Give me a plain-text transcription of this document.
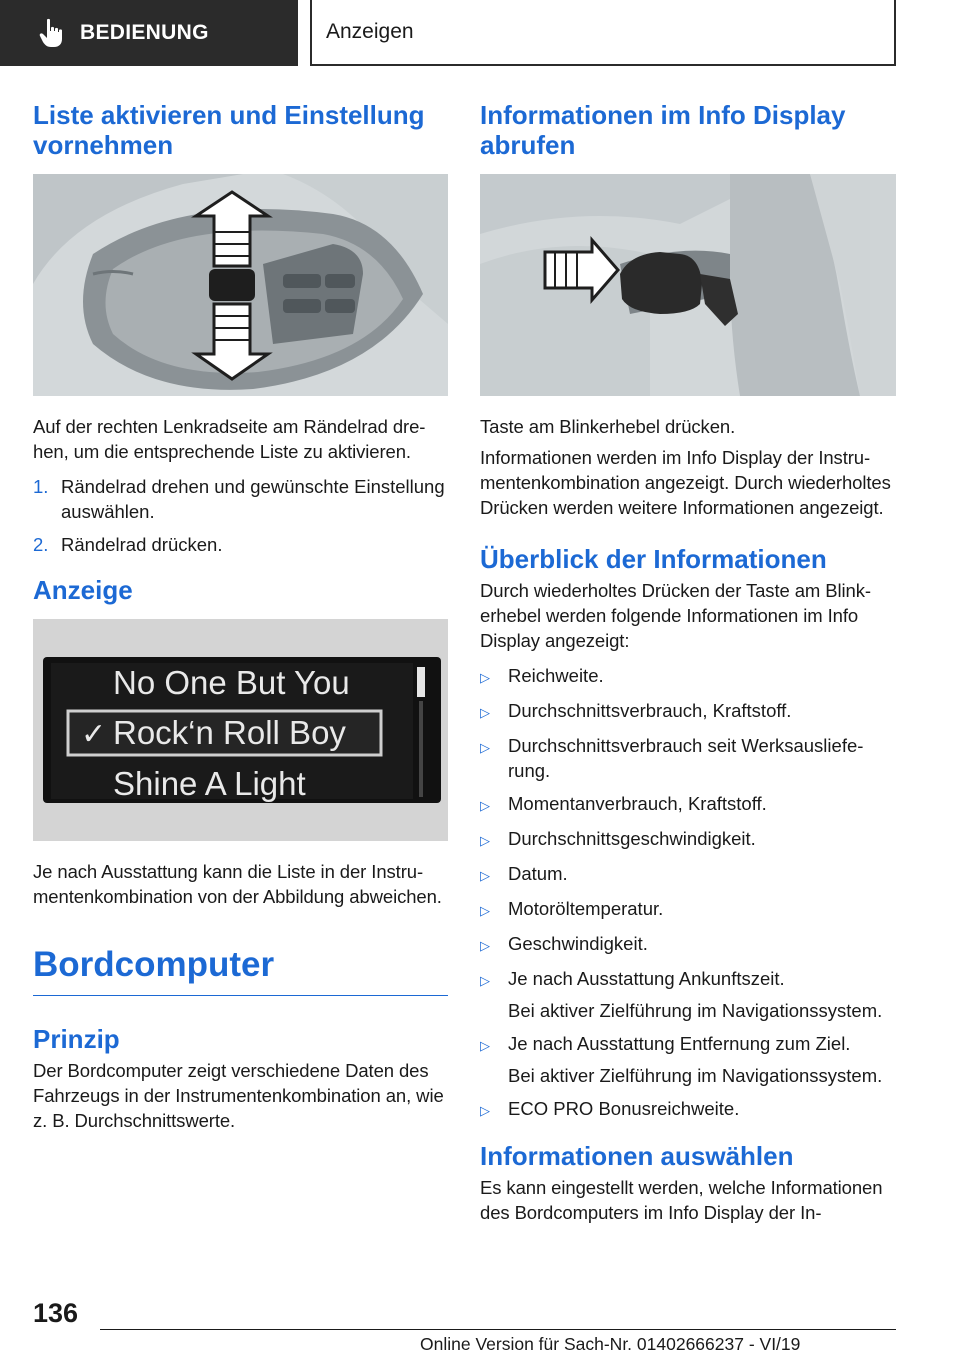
BEDIENUNG	Anzeigen
Liste aktivieren und Einstellung vornehmen

Auf der rechten Lenkradseite am Rändelrad drehen, um die entsprechende Liste zu aktivieren.

1. Rändelrad drehen und gewünschte Einstellung auswählen.
2. Rändelrad drücken.
Anzeige
No One But You
✓ Rock‘n Roll Boy
Shine A Light

Je nach Ausstattung kann die Liste in der Instrumentenkombination von der Abbildung abweichen.

Bordcomputer
Prinzip

Der Bordcomputer zeigt verschiedene Daten des Fahrzeugs in der Instrumentenkombination an, wie z. B. Durchschnittswerte.

Informationen im Info Display abrufen

Taste am Blinkerhebel drücken.

Informationen werden im Info Display der Instrumentenkombination angezeigt. Durch wiederholtes Drücken werden weitere Informationen angezeigt.

Überblick der Informationen

Durch wiederholtes Drücken der Taste am Blinkerhebel werden folgende Informationen im Info Display angezeigt:

▷ Reichweite.
▷ Durchschnittsverbrauch, Kraftstoff.
▷ Durchschnittsverbrauch seit Werksauslieferung.
▷ Momentanverbrauch, Kraftstoff.
▷ Durchschnittsgeschwindigkeit.
▷ Datum.
▷ Motoröltemperatur.
▷ Geschwindigkeit.
▷ Je nach Ausstattung Ankunftszeit.
Bei aktiver Zielführung im Navigationssystem.
▷ Je nach Ausstattung Entfernung zum Ziel.
Bei aktiver Zielführung im Navigationssystem.
▷ ECO PRO Bonusreichweite.
Informationen auswählen

Es kann eingestellt werden, welche Informationen des Bordcomputers im Info Display der In-

136
Online Version für Sach-Nr. 01402666237 - VI/19
